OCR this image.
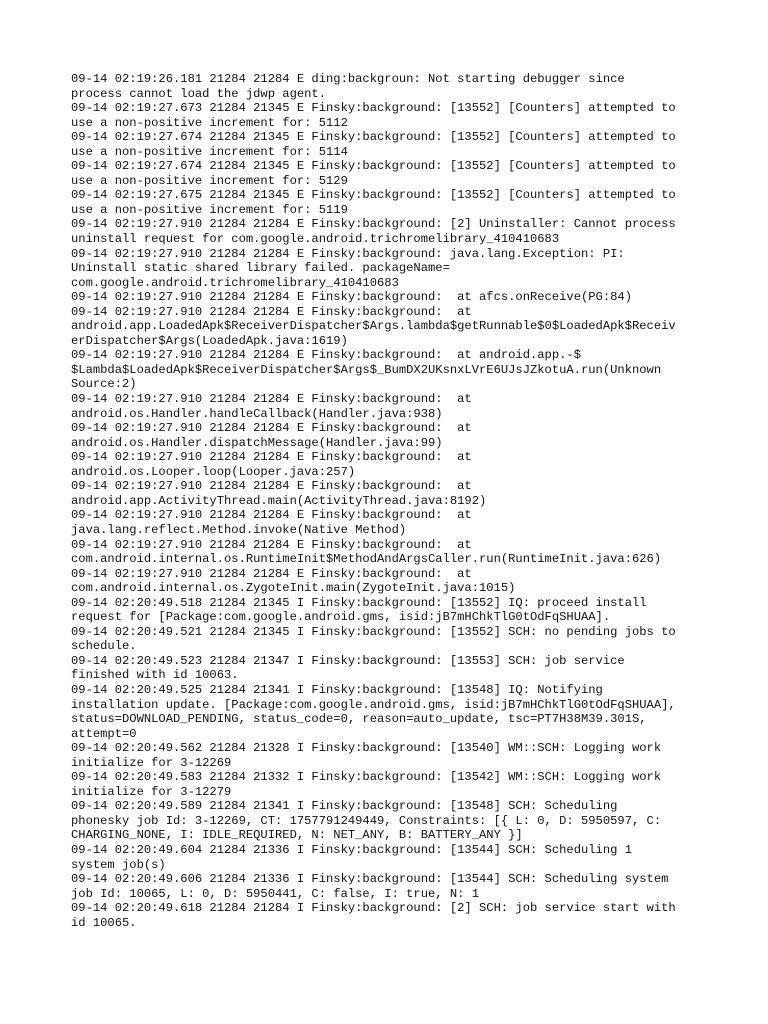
09-14 02:19:26.181 21284 21284 E ding:backgroun: Not starting debugger since
process cannot load the jdwp agent.
09-14 02:19:27.673 21284 21345 E Finsky:background: [13552] [Counters] attempted to
use a non-positive increment for: 5112
09-14 02:19:27.674 21284 21345 E Finsky:background: [13552] [Counters] attempted to
use a non-positive increment for: 5114
09-14 02:19:27.674 21284 21345 E Finsky:background: [13552] [Counters] attempted to
use a non-positive increment for: 5129
09-14 02:19:27.675 21284 21345 E Finsky:background: [13552] [Counters] attempted to
use a non-positive increment for: 5119
09-14 02:19:27.910 21284 21284 E Finsky:background: [2] Uninstaller: Cannot process
uninstall request for com.google.android.trichromelibrary_410410683
09-14 02:19:27.910 21284 21284 E Finsky:background: java.lang.Exception: PI:
Uninstall static shared library failed. packageName=
com.google.android.trichromelibrary_410410683
09-14 02:19:27.910 21284 21284 E Finsky:background:  at afcs.onReceive(PG:84)
09-14 02:19:27.910 21284 21284 E Finsky:background:  at
android.app.LoadedApk$ReceiverDispatcher$Args.lambda$getRunnable$0$LoadedApk$Receiv
erDispatcher$Args(LoadedApk.java:1619)
09-14 02:19:27.910 21284 21284 E Finsky:background:  at android.app.-$
$Lambda$LoadedApk$ReceiverDispatcher$Args$_BumDX2UKsnxLVrE6UJsJZkotuA.run(Unknown
Source:2)
09-14 02:19:27.910 21284 21284 E Finsky:background:  at
android.os.Handler.handleCallback(Handler.java:938)
09-14 02:19:27.910 21284 21284 E Finsky:background:  at
android.os.Handler.dispatchMessage(Handler.java:99)
09-14 02:19:27.910 21284 21284 E Finsky:background:  at
android.os.Looper.loop(Looper.java:257)
09-14 02:19:27.910 21284 21284 E Finsky:background:  at
android.app.ActivityThread.main(ActivityThread.java:8192)
09-14 02:19:27.910 21284 21284 E Finsky:background:  at
java.lang.reflect.Method.invoke(Native Method)
09-14 02:19:27.910 21284 21284 E Finsky:background:  at
com.android.internal.os.RuntimeInit$MethodAndArgsCaller.run(RuntimeInit.java:626)
09-14 02:19:27.910 21284 21284 E Finsky:background:  at
com.android.internal.os.ZygoteInit.main(ZygoteInit.java:1015)
09-14 02:20:49.518 21284 21345 I Finsky:background: [13552] IQ: proceed install
request for [Package:com.google.android.gms, isid:jB7mHChkTlG0tOdFqSHUAA].
09-14 02:20:49.521 21284 21345 I Finsky:background: [13552] SCH: no pending jobs to
schedule.
09-14 02:20:49.523 21284 21347 I Finsky:background: [13553] SCH: job service
finished with id 10063.
09-14 02:20:49.525 21284 21341 I Finsky:background: [13548] IQ: Notifying
installation update. [Package:com.google.android.gms, isid:jB7mHChkTlG0tOdFqSHUAA],
status=DOWNLOAD_PENDING, status_code=0, reason=auto_update, tsc=PT7H38M39.301S,
attempt=0
09-14 02:20:49.562 21284 21328 I Finsky:background: [13540] WM::SCH: Logging work
initialize for 3-12269
09-14 02:20:49.583 21284 21332 I Finsky:background: [13542] WM::SCH: Logging work
initialize for 3-12279
09-14 02:20:49.589 21284 21341 I Finsky:background: [13548] SCH: Scheduling
phonesky job Id: 3-12269, CT: 1757791249449, Constraints: [{ L: 0, D: 5950597, C:
CHARGING_NONE, I: IDLE_REQUIRED, N: NET_ANY, B: BATTERY_ANY }]
09-14 02:20:49.604 21284 21336 I Finsky:background: [13544] SCH: Scheduling 1
system job(s)
09-14 02:20:49.606 21284 21336 I Finsky:background: [13544] SCH: Scheduling system
job Id: 10065, L: 0, D: 5950441, C: false, I: true, N: 1
09-14 02:20:49.618 21284 21284 I Finsky:background: [2] SCH: job service start with
id 10065.
